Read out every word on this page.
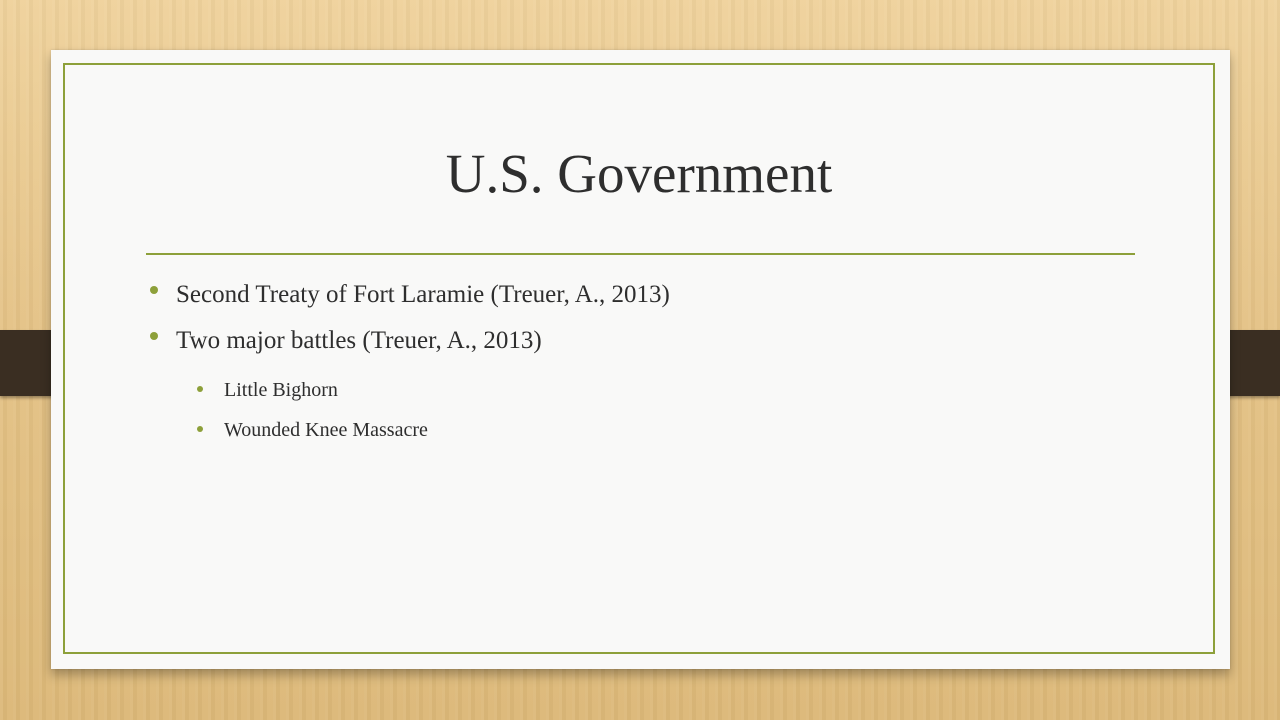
U.S. Government
Second Treaty of Fort Laramie (Treuer, A., 2013)
Two major battles (Treuer, A., 2013)
Little Bighorn
Wounded Knee Massacre
